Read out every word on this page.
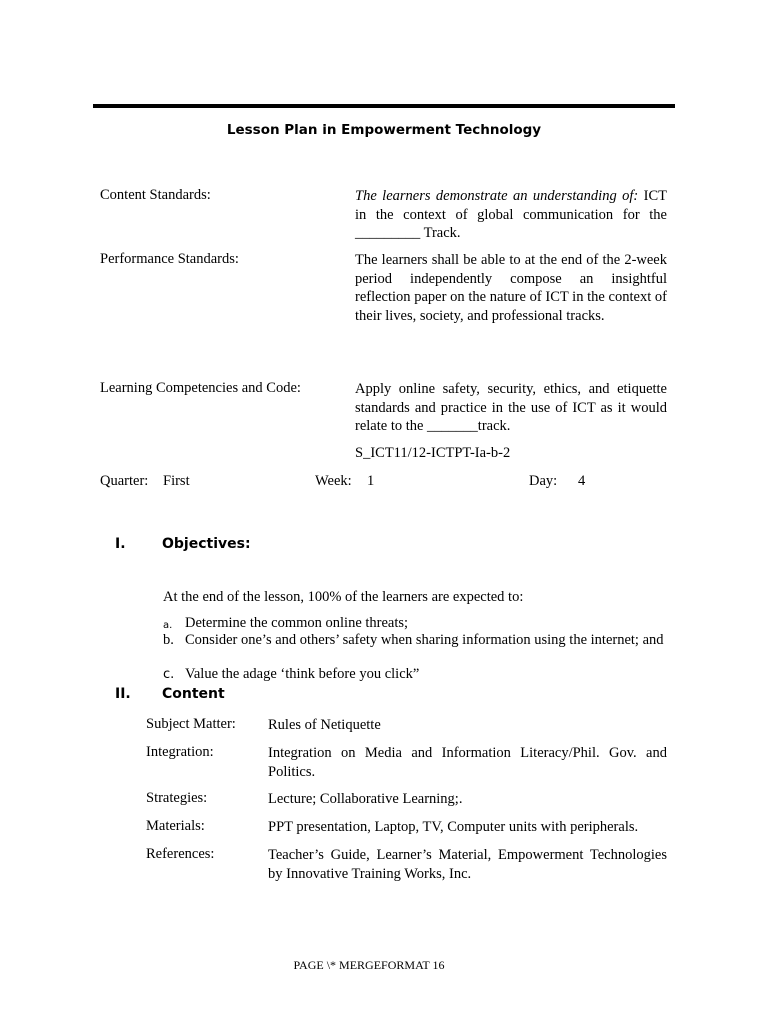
Lesson Plan in Empowerment Technology
Content Standards:	The learners demonstrate an understanding of: ICT in the context of global communication for the _________ Track.
Performance Standards:	The learners shall be able to at the end of the 2-week period independently compose an insightful reflection paper on the nature of ICT in the context of their lives, society, and professional tracks.
Learning Competencies and Code:	Apply online safety, security, ethics, and etiquette standards and practice in the use of ICT as it would relate to the _______track.
S_ICT11/12-ICTPT-Ia-b-2
Quarter: First	Week: 1	Day: 4
I.	Objectives:
At the end of the lesson, 100% of the learners are expected to:
a. Determine the common online threats;
b. Consider one’s and others’ safety when sharing information using the internet; and
c. Value the adage ‘think before you click”
II. Content
Subject Matter: Rules of Netiquette
Integration:	Integration on Media and Information Literacy/Phil. Gov. and Politics.
Strategies:	Lecture; Collaborative Learning;.
Materials:	PPT presentation, Laptop, TV, Computer units with peripherals.
References:	Teacher’s Guide, Learner’s Material, Empowerment Technologies by Innovative Training Works, Inc.
PAGE \* MERGEFORMAT 16
